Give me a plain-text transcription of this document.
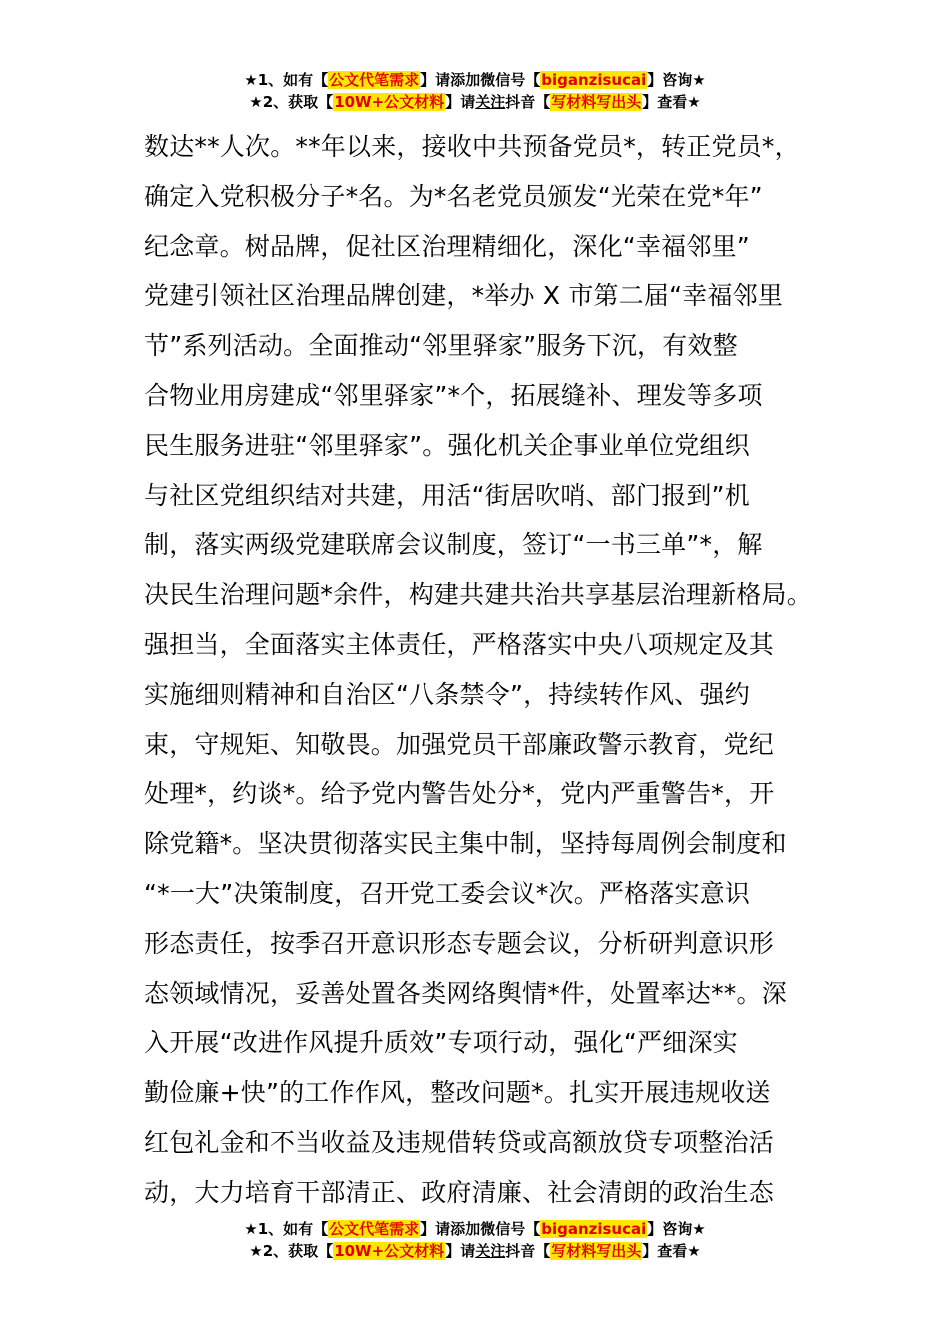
★1、如有【公文代笔需求】请添加微信号【biganzisucai】咨询★
★2、获取【10W+公文材料】请关注抖音【写材料写出头】查看★
数达**人次。**年以来，接收中共预备党员*，转正党员*，
确定入党积极分子*名。为*名老党员颁发“光荣在党*年”
纪念章。树品牌，促社区治理精细化，深化“幸福邻里”
党建引领社区治理品牌创建，*举办 X 市第二届“幸福邻里
节”系列活动。全面推动“邻里驿家”服务下沉，有效整
合物业用房建成“邻里驿家”*个，拓展缝补、理发等多项
民生服务进驻“邻里驿家”。强化机关企事业单位党组织
与社区党组织结对共建，用活“街居吹哨、部门报到”机
制，落实两级党建联席会议制度，签订“一书三单”*，解
决民生治理问题*余件，构建共建共治共享基层治理新格局。
强担当，全面落实主体责任，严格落实中央八项规定及其
实施细则精神和自治区“八条禁令”，持续转作风、强约
束，守规矩、知敬畏。加强党员干部廉政警示教育，党纪
处理*，约谈*。给予党内警告处分*，党内严重警告*，开
除党籍*。坚决贯彻落实民主集中制，坚持每周例会制度和
“*一大”决策制度，召开党工委会议*次。严格落实意识
形态责任，按季召开意识形态专题会议，分析研判意识形
态领域情况，妥善处置各类网络舆情*件，处置率达**。深
入开展“改进作风提升质效”专项行动，强化“严细深实
勤俭廉+快”的工作作风，整改问题*。扎实开展违规收送
红包礼金和不当收益及违规借转贷或高额放贷专项整治活
动，大力培育干部清正、政府清廉、社会清朗的政治生态
★1、如有【公文代笔需求】请添加微信号【biganzisucai】咨询★
★2、获取【10W+公文材料】请关注抖音【写材料写出头】查看★
